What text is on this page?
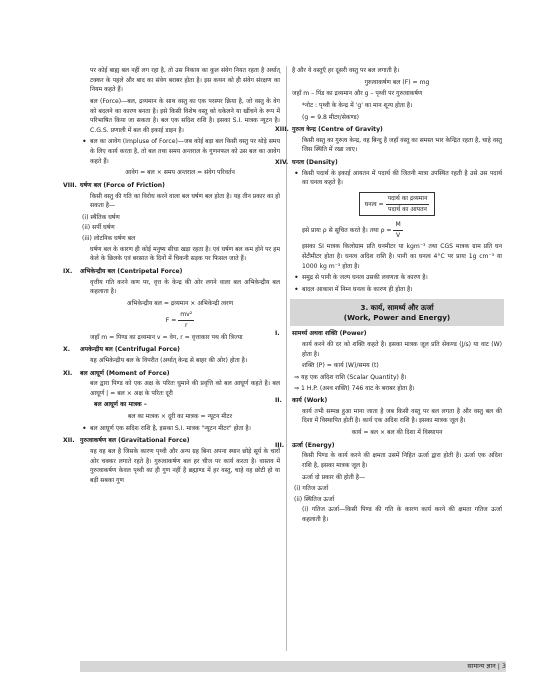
पर कोई बाह्य बल नहीं लग रहा है, तो उस निकाय का कुल संवेग नियत रहता है अर्थात् टक्कर के पहले और बाद का संवेग बराबर होता है। इस कथन को ही संवेग संरक्षण का नियम कहते हैं।

बल (Force)—बल, द्रव्यमान के साथ वस्तु का एक परस्पर क्रिया है, जो वस्तु के वेग को बदलने का कारण बनता है। इसे किसी विशेष वस्तु को धकेलने या खींचने के रूप में परिभाषित किया जा सकता है। बल एक सदिश राशि है। इसका S.I. मात्रक न्यूटन है। C.G.S. प्रणाली में बल की इकाई डाइन है।

• बल का आवेग (Impluse of Force)—जब कोई बड़ा बल किसी वस्तु पर थोड़े समय के लिए कार्य करता है, तो बल तथा समय अन्तराल के गुणनफल को उस बल का आवेग कहते हैं।

आवेग = बल × समय अन्तराल = संवेग परिवर्तन

VIII. घर्षण बल (Force of Friction)

किसी वस्तु की गति का विरोध करने वाला बल घर्षण बल होता है। यह तीन प्रकार का हो सकता है—

(i) स्थैतिक घर्षण

(ii) सर्पी घर्षण

(iii) लोटनिक घर्षण बल

घर्षण बल के कारण ही कोई मनुष्य सीधा खड़ा रहता है। एवं घर्षण बल कम होने पर हम केले के छिलके एवं बरसात के दिनों में चिकनी सड़क पर फिसल जाते हैं।

IX. अभिकेन्द्रीय बल (Centripetal Force)

वृत्तीय गति करने कण पर, वृत्त के केन्द्र की ओर लगने वाला बल अभिकेन्द्रीय बल कहलाता है।

अभिकेन्द्रीय बल = द्रव्यमान × अभिकेन्द्री त्वरण

$F = \frac{\text{mv²}}{r}$

जहाँ m = पिण्ड का द्रव्यमान v = वेग, r = वृत्ताकार पथ की त्रिज्या

X. अपकेन्द्रीय बल (Centrifugal Force)

यह अभिकेन्द्रीय बल के विपरीत (अर्थात् केन्द्र से बाहर की ओर) होता है।

XI. बल आघूर्ण (Moment of Force)

बल द्वारा पिण्ड को एक अक्ष के परितः घुमाने की प्रवृत्ति को बल आघूर्ण कहते है। बल आघूर्ण | = बल × अक्ष के परितः दूरी

बल आघूर्ण का मात्रक –

बल का मात्रक × दूरी का मात्रक = न्यूटन मीटर

• बल आघूर्ण एक सदिश राशि है, इसका S.I. मात्रक "न्यूटन मीटर" होता है।

XII. गुरुत्वाकर्षण बल (Gravitational Force)

यह वह बल है जिसके कारण पृथ्वी और अन्य ग्रह बिना अपना स्थान छोड़े सूर्य के चारों ओर चक्कर लगाते रहते है। गुरुत्वाकर्षण बल हर चीज पर कार्य करता है। वास्तव में गुरुत्वाकर्षण केवल पृथ्वी का ही गुण नहीं है ब्रह्माण्ड में हर वस्तु, चाहे वह छोटी हो या बड़ी सबका गुण

है और ये वस्तुएँ हर दूसरी वस्तु पर बल लगाती है।

गुरुत्वाकर्षण बल (F) = mg

जहाँ m – पिंड का द्रव्यमान और g – पृथ्वी पर गुरुत्वाकर्षण

*नोट : पृथ्वी के केन्द्र में 'g' का मान शून्य होता है।

(g = 9.8 मीटर/सेकण्ड)

XIII. गुरुत्व केन्द्र (Centre of Gravity)

किसी वस्तु का गुरुत्व केन्द्र, वह बिन्दु है जहाँ वस्तु का समस्त भार केन्द्रित रहता है, चाहे वस्तु जिस स्थिति में रखा जाए।

XIV. घनत्व (Density)

• किसी पदार्थ के इकाई आयतन में पदार्थ की जितनी मात्रा उपस्थित रहती है उसे उस पदार्थ का घनत्व कहते है।

घनत्व = $\frac{\text{पदार्थ का द्रव्यमान}}{\text{पदार्थ का आयतन}}$

इसे प्रायः ρ से सूचित करते है। तथा $\rho = \frac{M}{V}$

इसका SI मात्रक किलोग्राम प्रति घनमीटर या kgm⁻³ तथा CGS मात्रक ग्राम प्रति घन सेंटीमीटर होता है। घनत्व अदिश राशि है। पानी का घनत्व 4°C पर प्रायः 1g cm⁻³ या 1000 kg m⁻³ होता है।

• समुद्र से पानी के जल्प घनत्व उसकी लवणता के कारण है।

• बादल आकाश में निम्न घनत्व के कारण ही होता है।

3. कार्य, सामर्थ्य और ऊर्जा
(Work, Power and Energy)
I. सामर्थ्य अथवा शक्ति (Power)

कार्य करने की दर को शक्ति कहते है। इसका मात्रक जूल प्रति सेकण्ड (J/s) या वाट (W) होता है।

शक्ति (P) = कार्य (W)/समय (t)

⇒ यह एक अदिश राशि (Scalar Quantity) है।

⇒ 1 H.P. (अश्व शक्ति) 746 वाट के बराबर होता है।

II. कार्य (Work)

कार्य तभी सम्पन्न हुआ माना जाता है जब किसी वस्तु पर बल लगता है और वस्तु बल की दिशा में विस्थापित होती है। कार्य एक अदिश राशि है। इसका मात्रक जूल है।

कार्य = बल × बल की दिशा में विस्थापन

III. ऊर्जा (Energy)

किसी पिण्ड के कार्य करने की क्षमता उसमें निहित ऊर्जा द्वारा होती है। ऊर्जा एक अदिश राशि है, इसका मात्रक जूल है।

ऊर्जा दो प्रकार की होती है—

(i) गतिज ऊर्जा

(ii) स्थितिज ऊर्जा

(i) गतिज ऊर्जा—किसी पिण्ड की गति के कारण कार्य करने की क्षमता गतिज ऊर्जा कहलाती है।

सामान्य ज्ञान | 3
